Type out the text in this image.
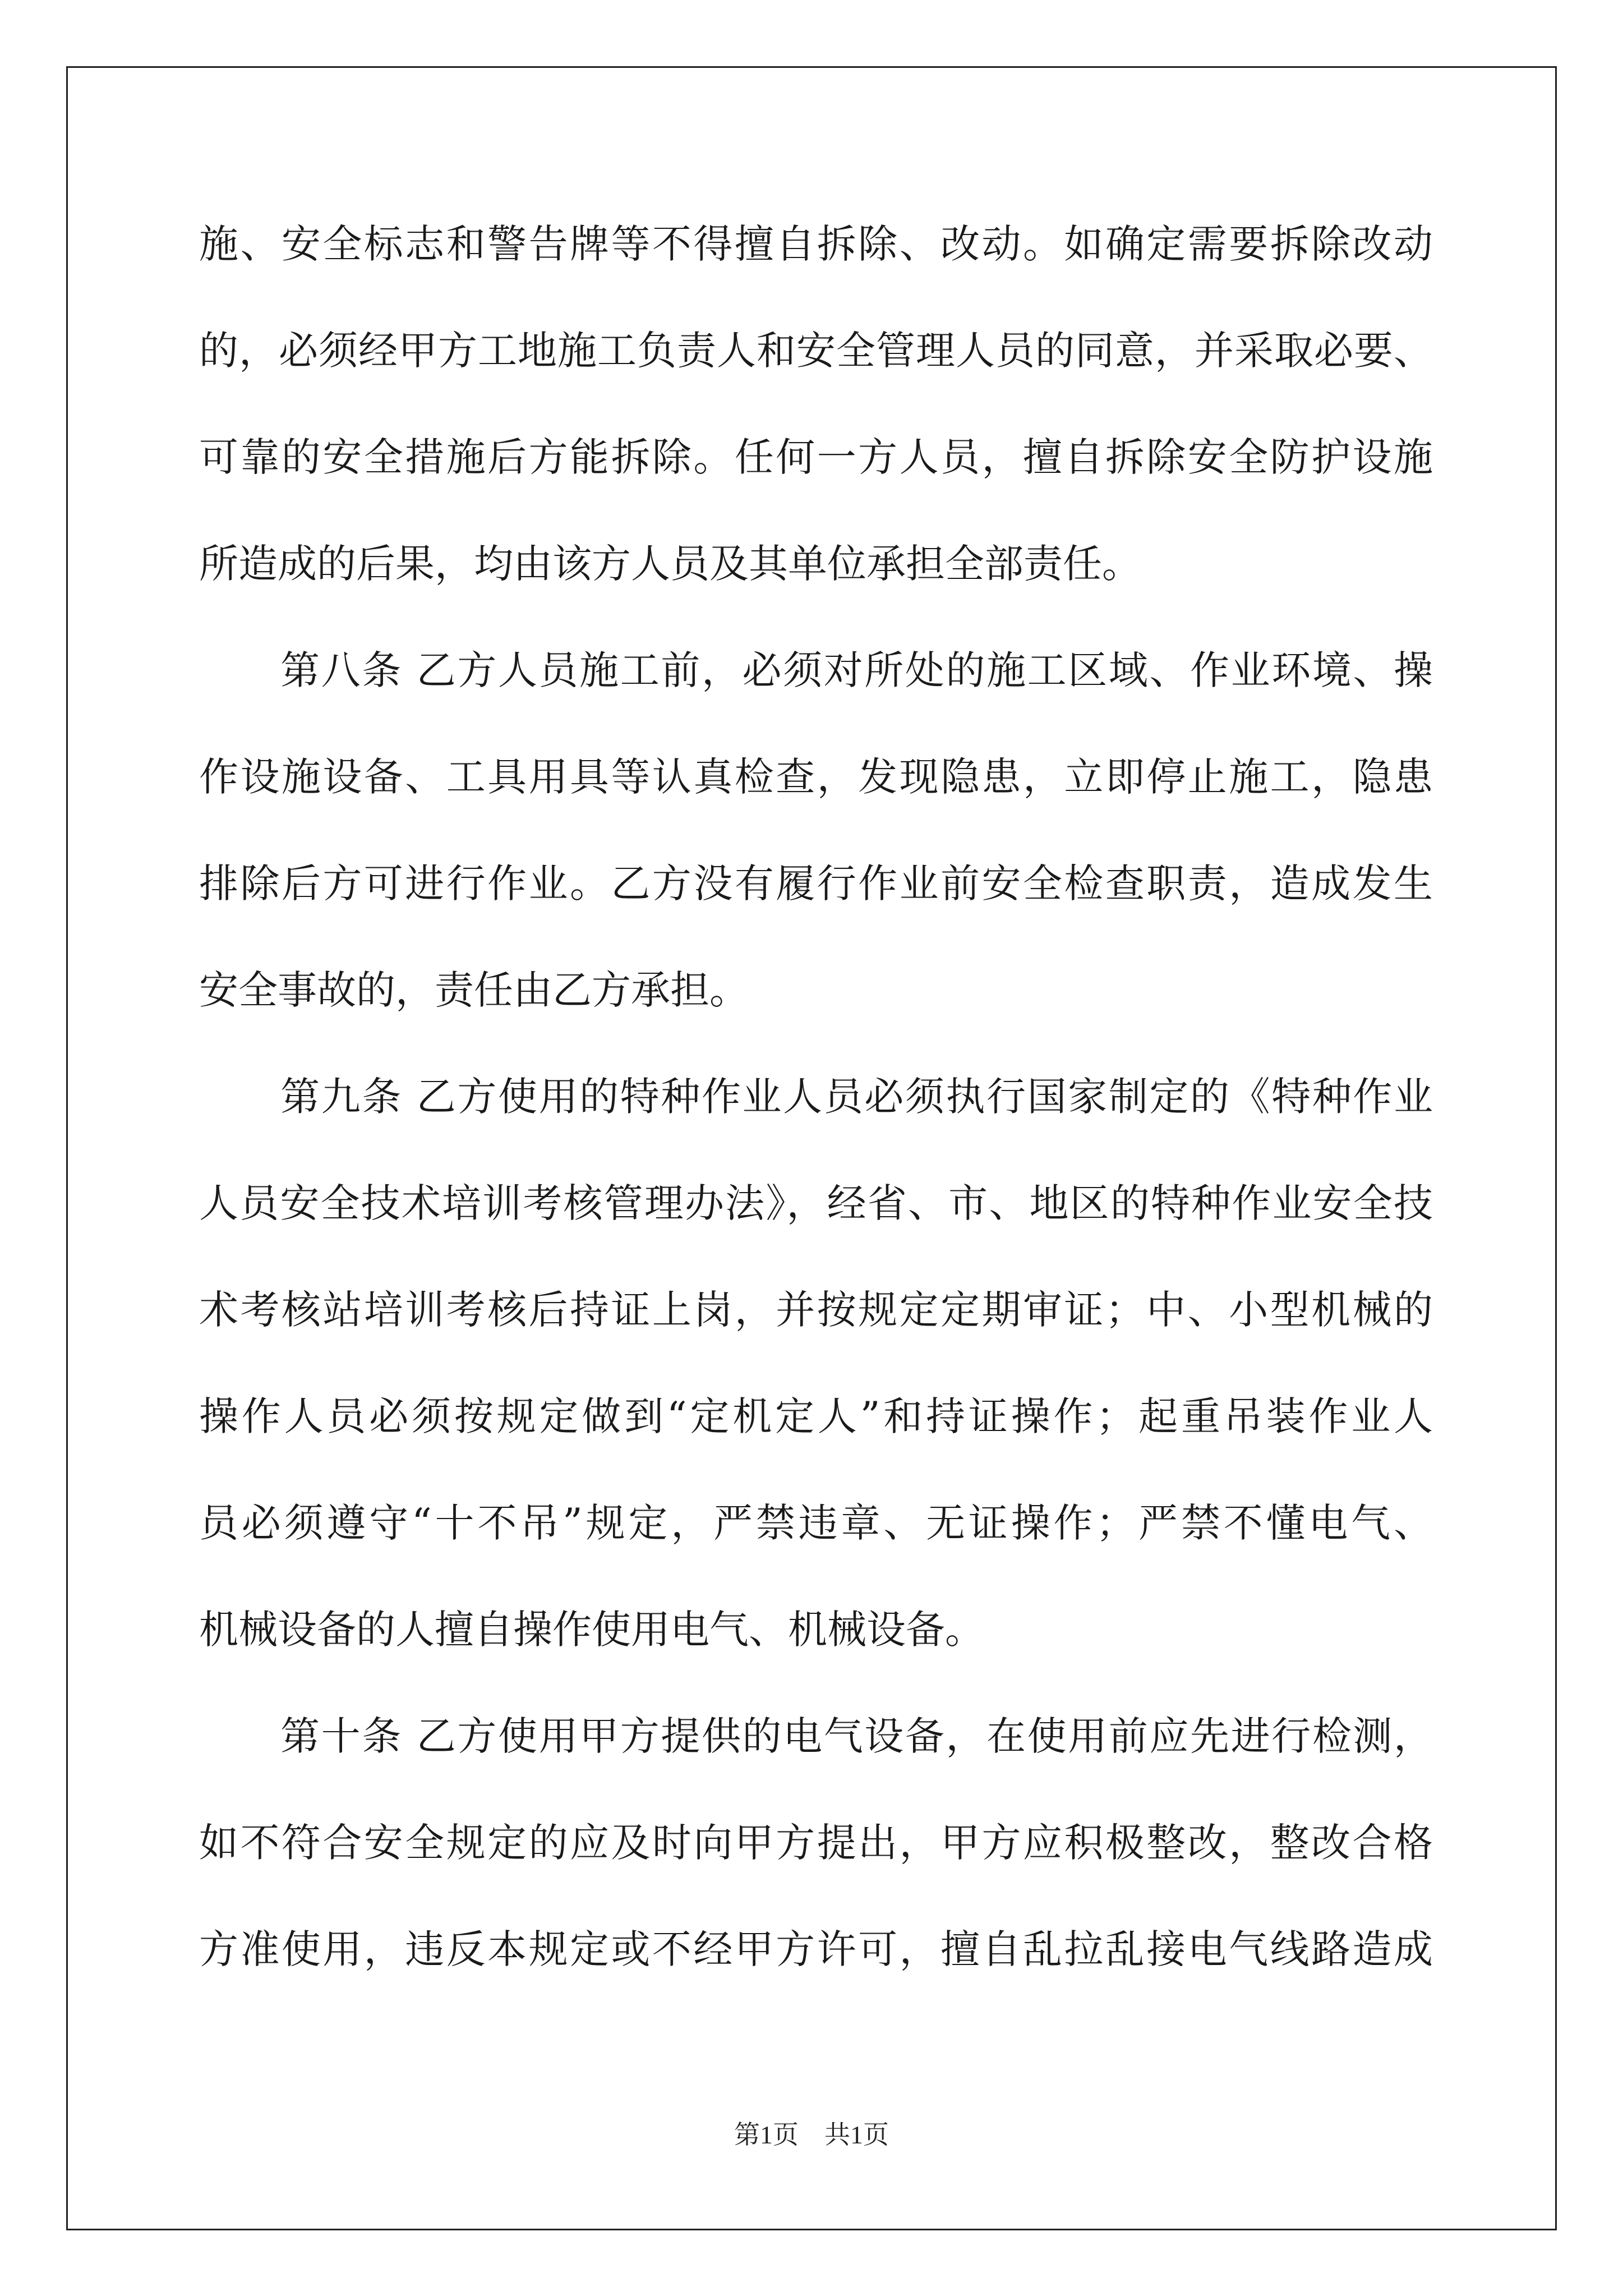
施、安全标志和警告牌等不得擅自拆除、改动。如确定需要拆除改动
的，必须经甲方工地施工负责人和安全管理人员的同意，并采取必要、
可靠的安全措施后方能拆除。任何一方人员，擅自拆除安全防护设施
所造成的后果，均由该方人员及其单位承担全部责任。
　　第八条 乙方人员施工前，必须对所处的施工区域、作业环境、操
作设施设备、工具用具等认真检查，发现隐患，立即停止施工，隐患
排除后方可进行作业。乙方没有履行作业前安全检查职责，造成发生
安全事故的，责任由乙方承担。
　　第九条 乙方使用的特种作业人员必须执行国家制定的《特种作业
人员安全技术培训考核管理办法》，经省、市、地区的特种作业安全技
术考核站培训考核后持证上岗，并按规定定期审证；中、小型机械的
操作人员必须按规定做到“定机定人”和持证操作；起重吊装作业人
员必须遵守“十不吊”规定，严禁违章、无证操作；严禁不懂电气、
机械设备的人擅自操作使用电气、机械设备。
　　第十条 乙方使用甲方提供的电气设备，在使用前应先进行检测，
如不符合安全规定的应及时向甲方提出，甲方应积极整改，整改合格
方准使用，违反本规定或不经甲方许可，擅自乱拉乱接电气线路造成
第1页　共1页
